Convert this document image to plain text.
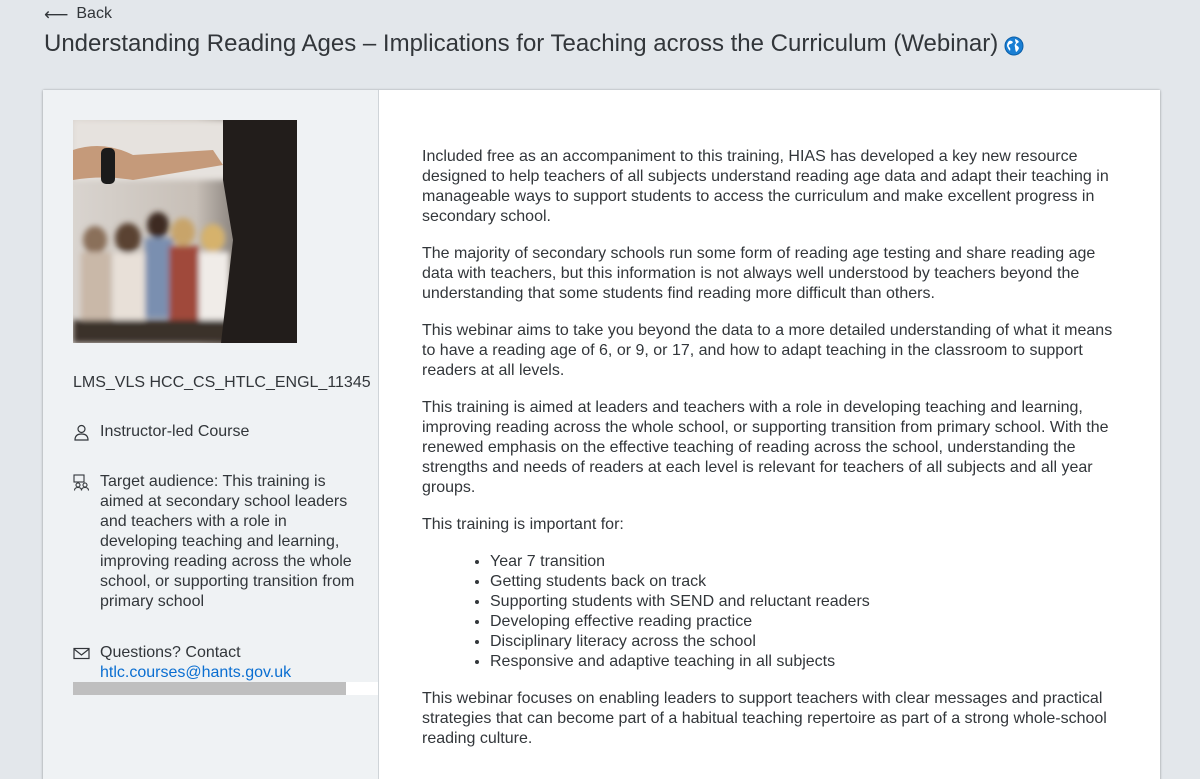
⟵ Back
Understanding Reading Ages – Implications for Teaching across the Curriculum (Webinar)
LMS_VLS HCC_CS_HTLC_ENGL_11345
Instructor-led Course
Target audience: This training is aimed at secondary school leaders and teachers with a role in developing teaching and learning, improving reading across the whole school, or supporting transition from primary school
Questions? Contact
htlc.courses@hants.gov.uk

Included free as an accompaniment to this training, HIAS has developed a key new resource designed to help teachers of all subjects understand reading age data and adapt their teaching in manageable ways to support students to access the curriculum and make excellent progress in secondary school.

The majority of secondary schools run some form of reading age testing and share reading age data with teachers, but this information is not always well understood by teachers beyond the understanding that some students find reading more difficult than others.

This webinar aims to take you beyond the data to a more detailed understanding of what it means to have a reading age of 6, or 9, or 17, and how to adapt teaching in the classroom to support readers at all levels.

This training is aimed at leaders and teachers with a role in developing teaching and learning, improving reading across the whole school, or supporting transition from primary school. With the renewed emphasis on the effective teaching of reading across the school, understanding the strengths and needs of readers at each level is relevant for teachers of all subjects and all year groups.

This training is important for:

• Year 7 transition
• Getting students back on track
• Supporting students with SEND and reluctant readers
• Developing effective reading practice
• Disciplinary literacy across the school
• Responsive and adaptive teaching in all subjects

This webinar focuses on enabling leaders to support teachers with clear messages and practical strategies that can become part of a habitual teaching repertoire as part of a strong whole-school reading culture.
